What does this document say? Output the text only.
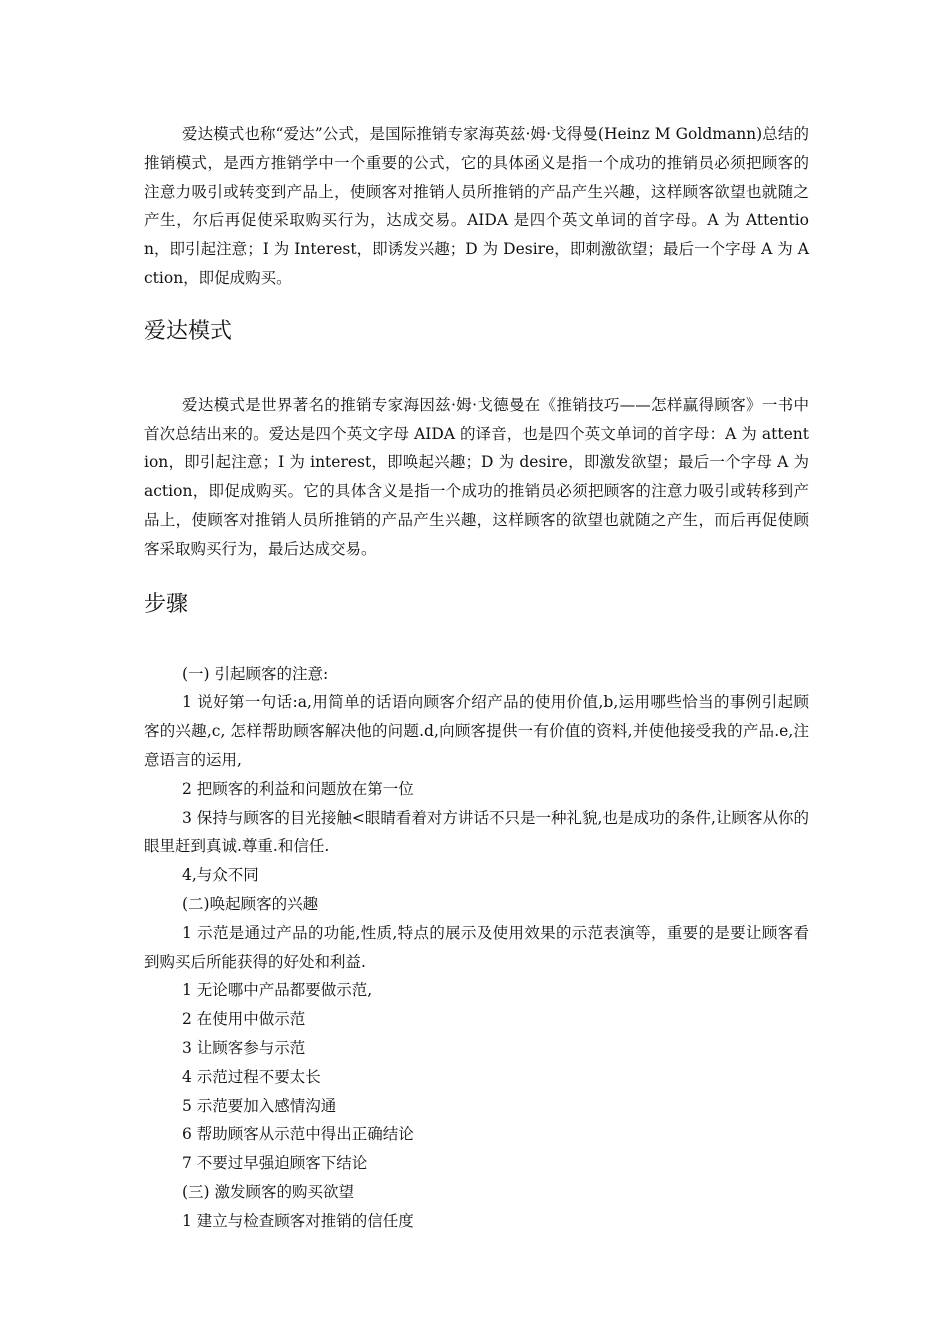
爱达模式也称“爱达”公式，是国际推销专家海英兹·姆·戈得曼(Heinz M Goldmann)总结的推销模式，是西方推销学中一个重要的公式，它的具体函义是指一个成功的推销员必须把顾客的注意力吸引或转变到产品上，使顾客对推销人员所推销的产品产生兴趣，这样顾客欲望也就随之产生，尔后再促使采取购买行为，达成交易。AIDA 是四个英文单词的首字母。A 为 Attention，即引起注意；I 为 Interest，即诱发兴趣；D 为 Desire，即刺激欲望；最后一个字母 A 为 Action，即促成购买。

爱达模式

爱达模式是世界著名的推销专家海因兹·姆·戈德曼在《推销技巧——怎样赢得顾客》一书中首次总结出来的。爱达是四个英文字母 AIDA 的译音，也是四个英文单词的首字母：A 为 attention，即引起注意；I 为 interest，即唤起兴趣；D 为 desire，即激发欲望；最后一个字母 A 为 action，即促成购买。它的具体含义是指一个成功的推销员必须把顾客的注意力吸引或转移到产品上，使顾客对推销人员所推销的产品产生兴趣，这样顾客的欲望也就随之产生，而后再促使顾客采取购买行为，最后达成交易。

步骤

(一) 引起顾客的注意:

1 说好第一句话:a,用简单的话语向顾客介绍产品的使用价值,b,运用哪些恰当的事例引起顾客的兴趣,c, 怎样帮助顾客解决他的问题.d,向顾客提供一有价值的资料,并使他接受我的产品.e,注意语言的运用,

2 把顾客的利益和问题放在第一位

3 保持与顾客的目光接触<眼睛看着对方讲话不只是一种礼貌,也是成功的条件,让顾客从你的眼里赶到真诚.尊重.和信任.

4,与众不同

(二)唤起顾客的兴趣

1 示范是通过产品的功能,性质,特点的展示及使用效果的示范表演等，重要的是要让顾客看到购买后所能获得的好处和利益.

1 无论哪中产品都要做示范,

2 在使用中做示范

3 让顾客参与示范

4 示范过程不要太长

5 示范要加入感情沟通

6 帮助顾客从示范中得出正确结论

7 不要过早强迫顾客下结论

(三) 激发顾客的购买欲望

1 建立与检查顾客对推销的信任度
